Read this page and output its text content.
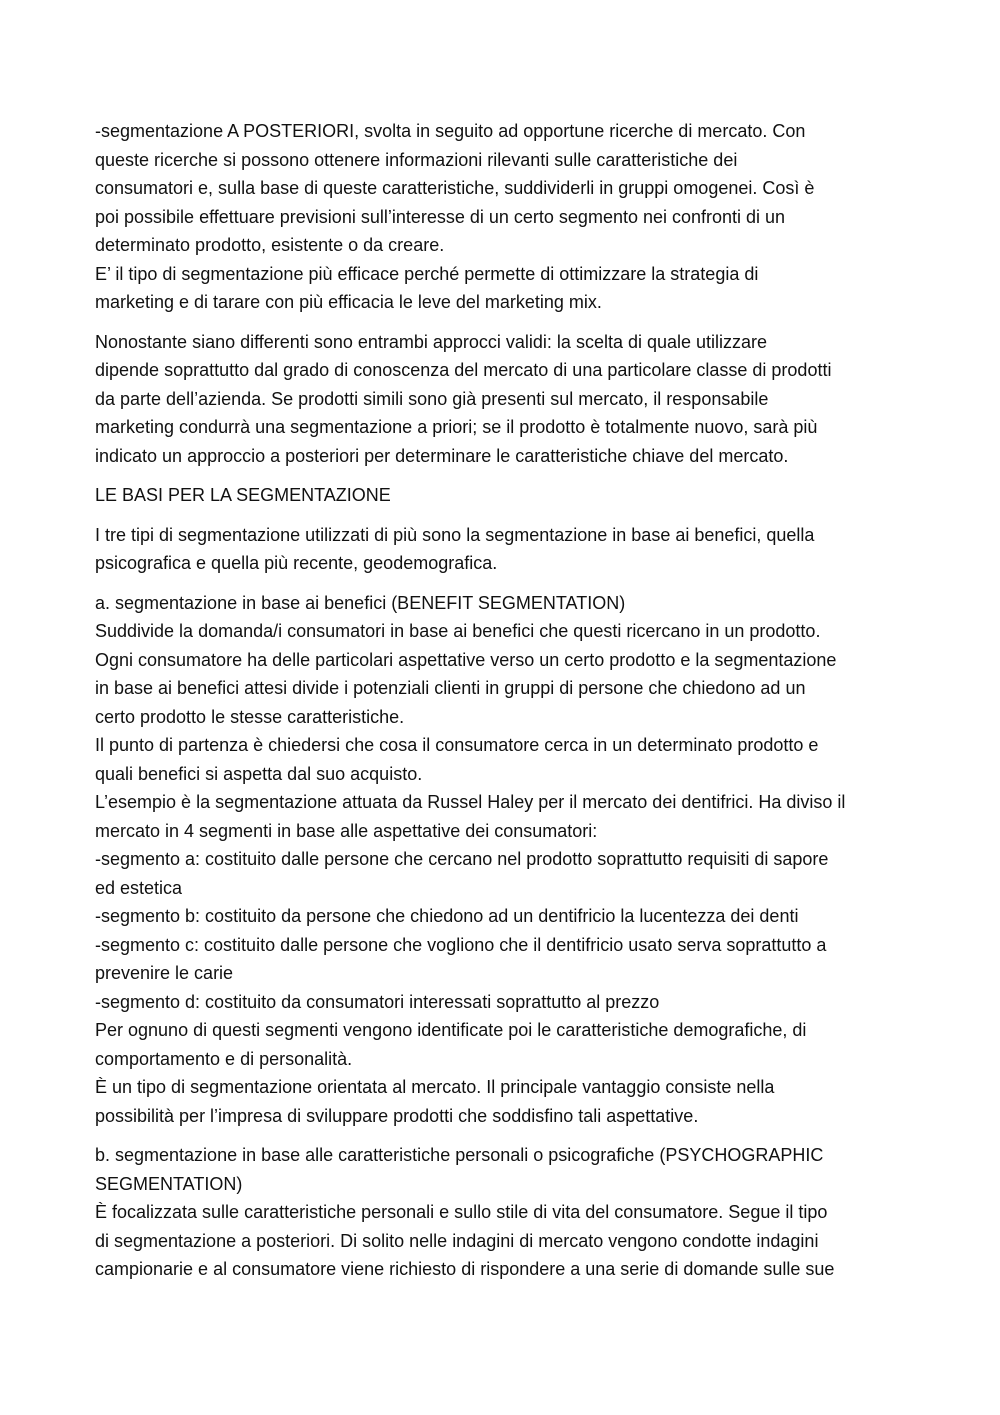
-segmentazione A POSTERIORI, svolta in seguito ad opportune ricerche di mercato. Con
queste ricerche si possono ottenere informazioni rilevanti sulle caratteristiche dei
consumatori e, sulla base di queste caratteristiche, suddividerli in gruppi omogenei. Così è
poi possibile effettuare previsioni sull’interesse di un certo segmento nei confronti di un
determinato prodotto, esistente o da creare.
E’ il tipo di segmentazione più efficace perché permette di ottimizzare la strategia di
marketing e di tarare con più efficacia le leve del marketing mix.

Nonostante siano differenti sono entrambi approcci validi: la scelta di quale utilizzare
dipende soprattutto dal grado di conoscenza del mercato di una particolare classe di prodotti
da parte dell’azienda. Se prodotti simili sono già presenti sul mercato, il responsabile
marketing condurrà una segmentazione a priori; se il prodotto è totalmente nuovo, sarà più
indicato un approccio a posteriori per determinare le caratteristiche chiave del mercato.

LE BASI PER LA SEGMENTAZIONE

I tre tipi di segmentazione utilizzati di più sono la segmentazione in base ai benefici, quella
psicografica e quella più recente, geodemografica.

a. segmentazione in base ai benefici (BENEFIT SEGMENTATION)
Suddivide la domanda/i consumatori in base ai benefici che questi ricercano in un prodotto.
Ogni consumatore ha delle particolari aspettative verso un certo prodotto e la segmentazione
in base ai benefici attesi divide i potenziali clienti in gruppi di persone che chiedono ad un
certo prodotto le stesse caratteristiche.
Il punto di partenza è chiedersi che cosa il consumatore cerca in un determinato prodotto e
quali benefici si aspetta dal suo acquisto.
L’esempio è la segmentazione attuata da Russel Haley per il mercato dei dentifrici. Ha diviso il
mercato in 4 segmenti in base alle aspettative dei consumatori:
-segmento a: costituito dalle persone che cercano nel prodotto soprattutto requisiti di sapore
ed estetica
-segmento b: costituito da persone che chiedono ad un dentifricio la lucentezza dei denti
-segmento c: costituito dalle persone che vogliono che il dentifricio usato serva soprattutto a
prevenire le carie
-segmento d: costituito da consumatori interessati soprattutto al prezzo
Per ognuno di questi segmenti vengono identificate poi le caratteristiche demografiche, di
comportamento e di personalità.
È un tipo di segmentazione orientata al mercato. Il principale vantaggio consiste nella
possibilità per l’impresa di sviluppare prodotti che soddisfino tali aspettative.

b. segmentazione in base alle caratteristiche personali o psicografiche (PSYCHOGRAPHIC
SEGMENTATION)
È focalizzata sulle caratteristiche personali e sullo stile di vita del consumatore. Segue il tipo
di segmentazione a posteriori. Di solito nelle indagini di mercato vengono condotte indagini
campionarie e al consumatore viene richiesto di rispondere a una serie di domande sulle sue
